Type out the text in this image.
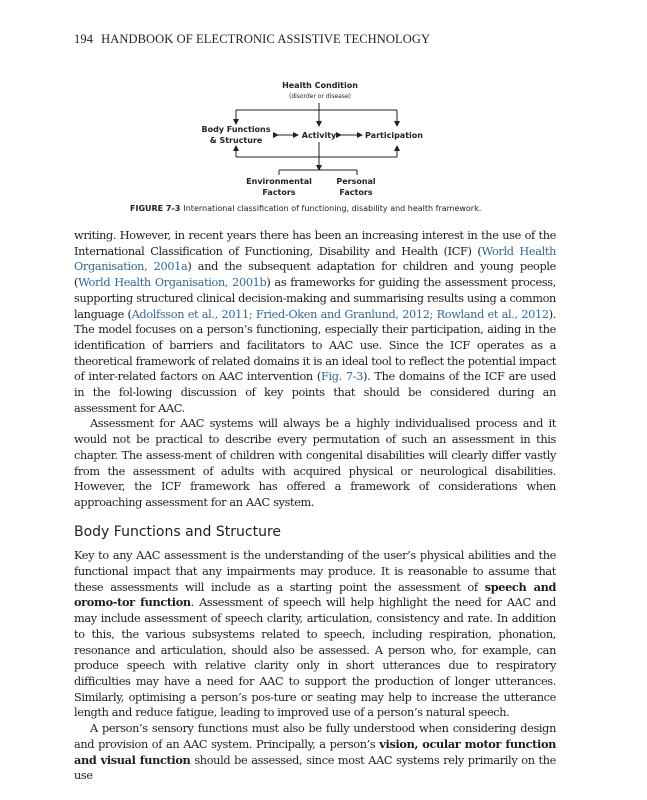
194 HANDBOOK OF ELECTRONIC ASSISTIVE TECHNOLOGY
Health Condition
(disorder or disease)
Body Functions
& Structure
Activity	Participation
Environmental
Factors
Personal
Factors
FIGURE 7-3 International classification of functioning, disability and health framework.

writing. However, in recent years there has been an increasing interest in the use of the International Classification of Functioning, Disability and Health (ICF) (World Health Organisation, 2001a) and the subsequent adaptation for children and young people (World Health Organisation, 2001b) as frameworks for guiding the assessment process, supporting structured clinical decision-making and summarising results using a common language (Adolfsson et al., 2011; Fried-Oken and Granlund, 2012; Rowland et al., 2012). The model focuses on a person’s functioning, especially their participation, aiding in the identification of barriers and facilitators to AAC use. Since the ICF operates as a theoretical framework of related domains it is an ideal tool to reflect the potential impact of inter-related factors on AAC intervention (Fig. 7-3). The domains of the ICF are used in the fol-lowing discussion of key points that should be considered during an assessment for AAC.

Assessment for AAC systems will always be a highly individualised process and it would not be practical to describe every permutation of such an assessment in this chapter. The assess-ment of children with congenital disabilities will clearly differ vastly from the assessment of adults with acquired physical or neurological disabilities. However, the ICF framework has offered a framework of considerations when approaching assessment for an AAC system.

Body Functions and Structure

Key to any AAC assessment is the understanding of the user’s physical abilities and the functional impact that any impairments may produce. It is reasonable to assume that these assessments will include as a starting point the assessment of speech and oromo-tor function. Assessment of speech will help highlight the need for AAC and may include assessment of speech clarity, articulation, consistency and rate. In addition to this, the various subsystems related to speech, including respiration, phonation, resonance and articulation, should also be assessed. A person who, for example, can produce speech with relative clarity only in short utterances due to respiratory difficulties may have a need for AAC to support the production of longer utterances. Similarly, optimising a person’s pos-ture or seating may help to increase the utterance length and reduce fatigue, leading to improved use of a person’s natural speech.

A person’s sensory functions must also be fully understood when considering design and provision of an AAC system. Principally, a person’s vision, ocular motor function and visual function should be assessed, since most AAC systems rely primarily on the use
